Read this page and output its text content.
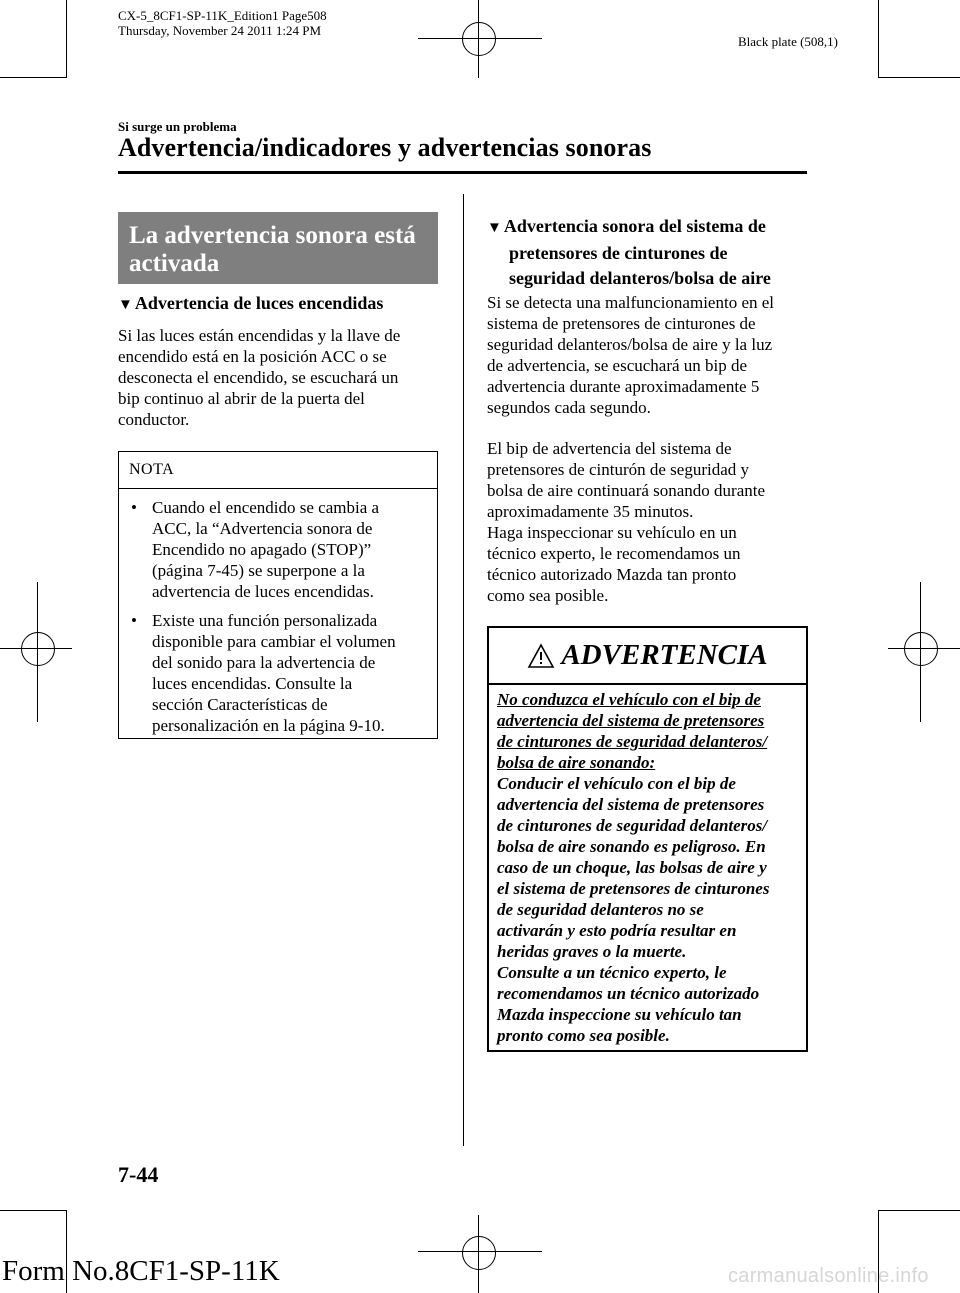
CX-5_8CF1-SP-11K_Edition1 Page508
Thursday, November 24 2011 1:24 PM
Black plate (508,1)
Si surge un problema
Advertencia/indicadores y advertencias sonoras
La advertencia sonora está
activada
▼ Advertencia de luces encendidas
Si las luces están encendidas y la llave de
encendido está en la posición ACC o se
desconecta el encendido, se escuchará un
bip continuo al abrir de la puerta del
conductor.
NOTA
• Cuando el encendido se cambia a
ACC, la “Advertencia sonora de
Encendido no apagado (STOP)”
(página 7-45) se superpone a la
advertencia de luces encendidas.
• Existe una función personalizada
disponible para cambiar el volumen
del sonido para la advertencia de
luces encendidas. Consulte la
sección Características de
personalización en la página 9-10.
▼ Advertencia sonora del sistema de
pretensores de cinturones de
seguridad delanteros/bolsa de aire
Si se detecta una malfuncionamiento en el
sistema de pretensores de cinturones de
seguridad delanteros/bolsa de aire y la luz
de advertencia, se escuchará un bip de
advertencia durante aproximadamente 5
segundos cada segundo.
El bip de advertencia del sistema de
pretensores de cinturón de seguridad y
bolsa de aire continuará sonando durante
aproximadamente 35 minutos.
Haga inspeccionar su vehículo en un
técnico experto, le recomendamos un
técnico autorizado Mazda tan pronto
como sea posible.
ADVERTENCIA
No conduzca el vehículo con el bip de
advertencia del sistema de pretensores
de cinturones de seguridad delanteros/
bolsa de aire sonando:
Conducir el vehículo con el bip de
advertencia del sistema de pretensores
de cinturones de seguridad delanteros/
bolsa de aire sonando es peligroso. En
caso de un choque, las bolsas de aire y
el sistema de pretensores de cinturones
de seguridad delanteros no se
activarán y esto podría resultar en
heridas graves o la muerte.
Consulte a un técnico experto, le
recomendamos un técnico autorizado
Mazda inspeccione su vehículo tan
pronto como sea posible.
7-44
Form No.8CF1-SP-11K	carmanualsonline.info
